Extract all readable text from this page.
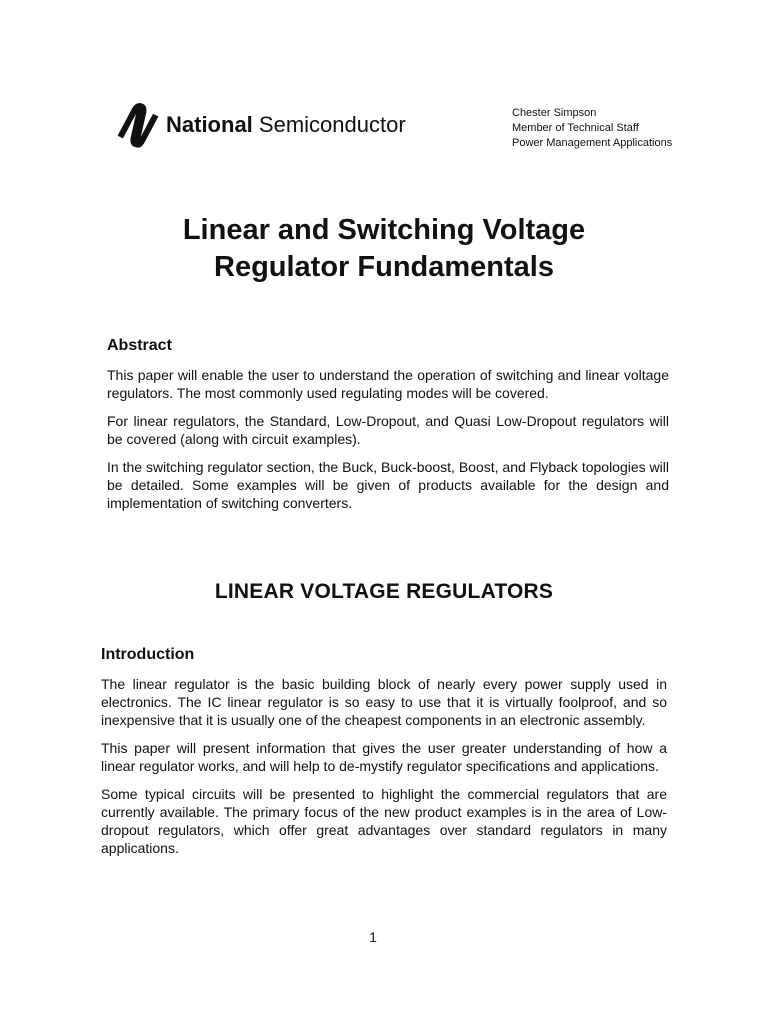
National Semiconductor	Chester Simpson
Member of Technical Staff
Power Management Applications
Linear and Switching Voltage
Regulator Fundamentals
Abstract

This paper will enable the user to understand the operation of switching and linear voltage regulators. The most commonly used regulating modes will be covered.

For linear regulators, the Standard, Low-Dropout, and Quasi Low-Dropout regulators will be covered (along with circuit examples).

In the switching regulator section, the Buck, Buck-boost, Boost, and Flyback topologies will be detailed. Some examples will be given of products available for the design and implementation of switching converters.

LINEAR VOLTAGE REGULATORS
Introduction

The linear regulator is the basic building block of nearly every power supply used in electronics. The IC linear regulator is so easy to use that it is virtually foolproof, and so inexpensive that it is usually one of the cheapest components in an electronic assembly.

This paper will present information that gives the user greater understanding of how a linear regulator works, and will help to de-mystify regulator specifications and applications.

Some typical circuits will be presented to highlight the commercial regulators that are currently available. The primary focus of the new product examples is in the area of Low-dropout regulators, which offer great advantages over standard regulators in many applications.

1
